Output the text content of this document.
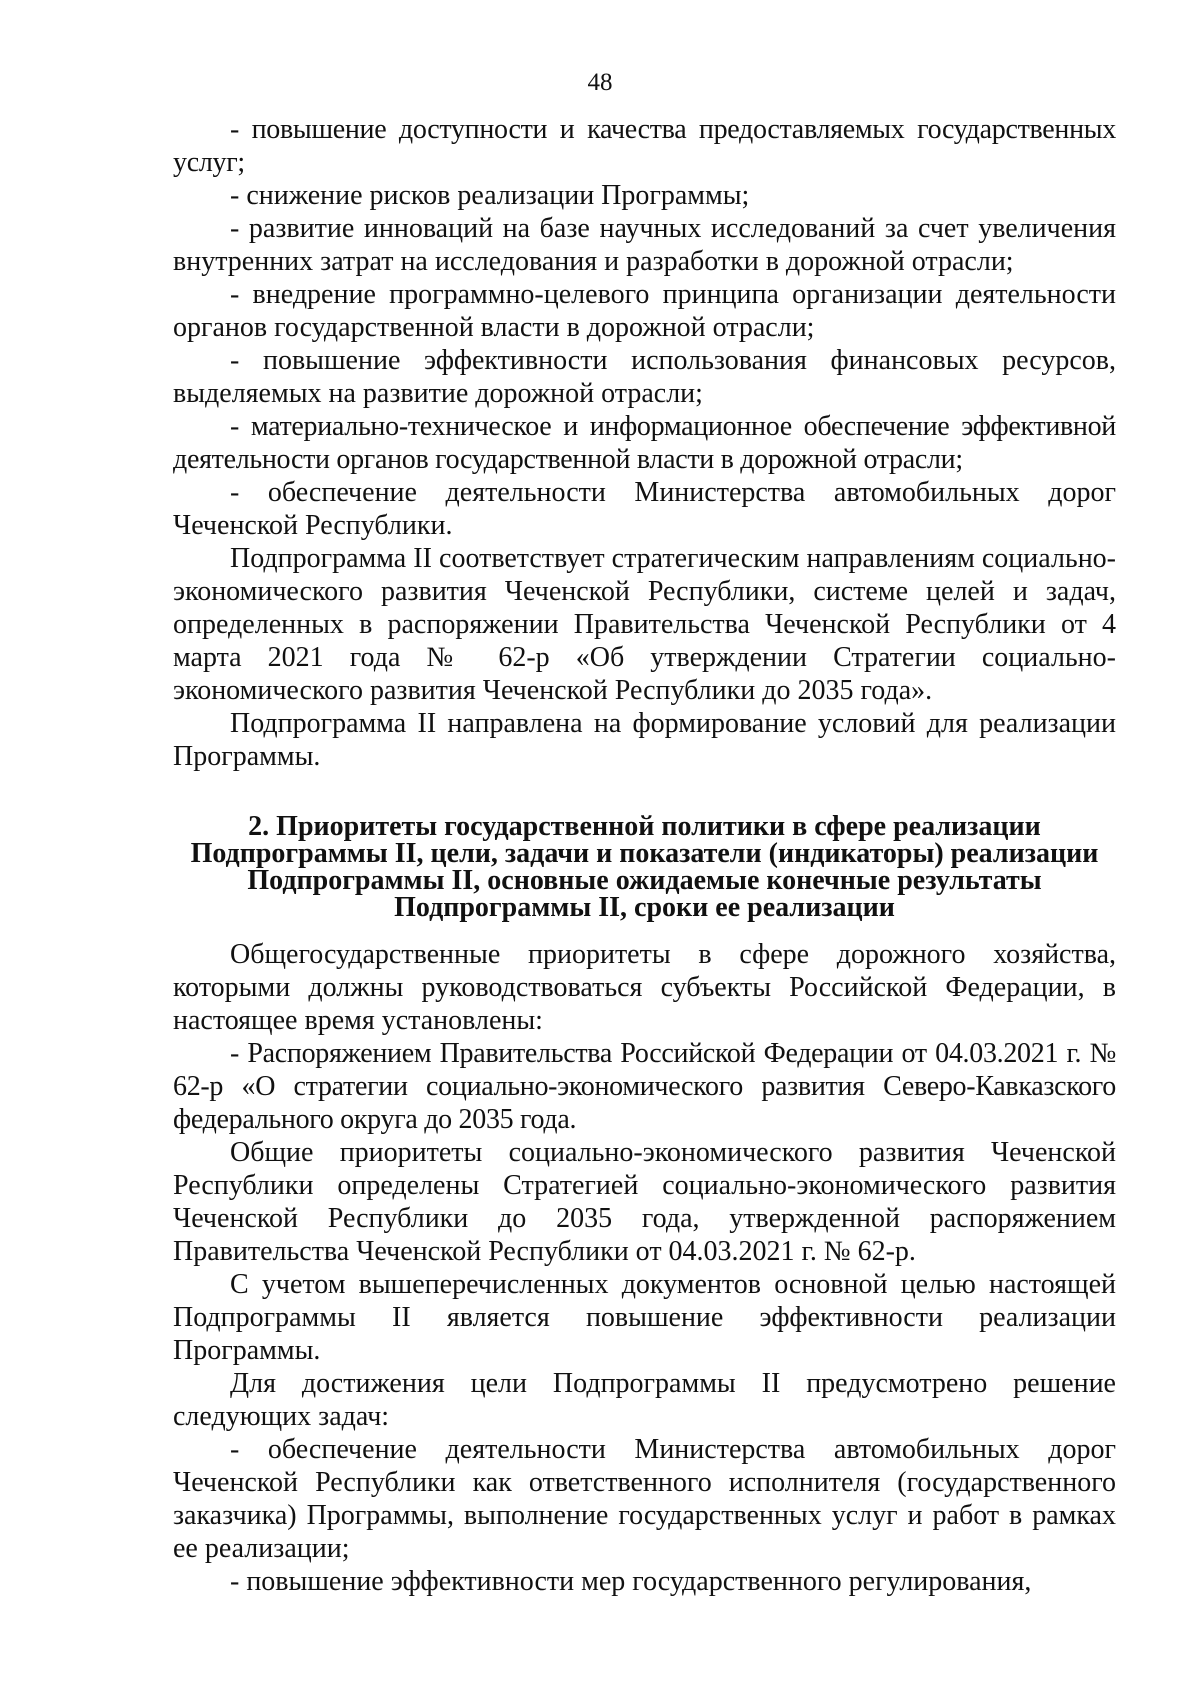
48

- повышение доступности и качества предоставляемых государственных услуг;

- снижение рисков реализации Программы;

- развитие инноваций на базе научных исследований за счет увеличения внутренних затрат на исследования и разработки в дорожной отрасли;

- внедрение программно-целевого принципа организации деятельности органов государственной власти в дорожной отрасли;

- повышение эффективности использования финансовых ресурсов, выделяемых на развитие дорожной отрасли;

- материально-техническое и информационное обеспечение эффективной деятельности органов государственной власти в дорожной отрасли;

- обеспечение деятельности Министерства автомобильных дорог Чеченской Республики.

Подпрограмма II соответствует стратегическим направлениям социально-экономического развития Чеченской Республики, системе целей и задач, определенных в распоряжении Правительства Чеченской Республики от 4 марта 2021 года № 62-р «Об утверждении Стратегии социально-экономического развития Чеченской Республики до 2035 года».

Подпрограмма II направлена на формирование условий для реализации Программы.

2. Приоритеты государственной политики в сфере реализации
Подпрограммы II, цели, задачи и показатели (индикаторы) реализации
Подпрограммы II, основные ожидаемые конечные результаты
Подпрограммы II, сроки ее реализации

Общегосударственные приоритеты в сфере дорожного хозяйства, которыми должны руководствоваться субъекты Российской Федерации, в настоящее время установлены:

- Распоряжением Правительства Российской Федерации от 04.03.2021 г. № 62-р «О стратегии социально-экономического развития Северо-Кавказского федерального округа до 2035 года.

Общие приоритеты социально-экономического развития Чеченской Республики определены Стратегией социально-экономического развития Чеченской Республики до 2035 года, утвержденной распоряжением Правительства Чеченской Республики от 04.03.2021 г. № 62-р.

С учетом вышеперечисленных документов основной целью настоящей Подпрограммы II является повышение эффективности реализации Программы.

Для достижения цели Подпрограммы II предусмотрено решение следующих задач:

- обеспечение деятельности Министерства автомобильных дорог Чеченской Республики как ответственного исполнителя (государственного заказчика) Программы, выполнение государственных услуг и работ в рамках ее реализации;

- повышение эффективности мер государственного регулирования,
